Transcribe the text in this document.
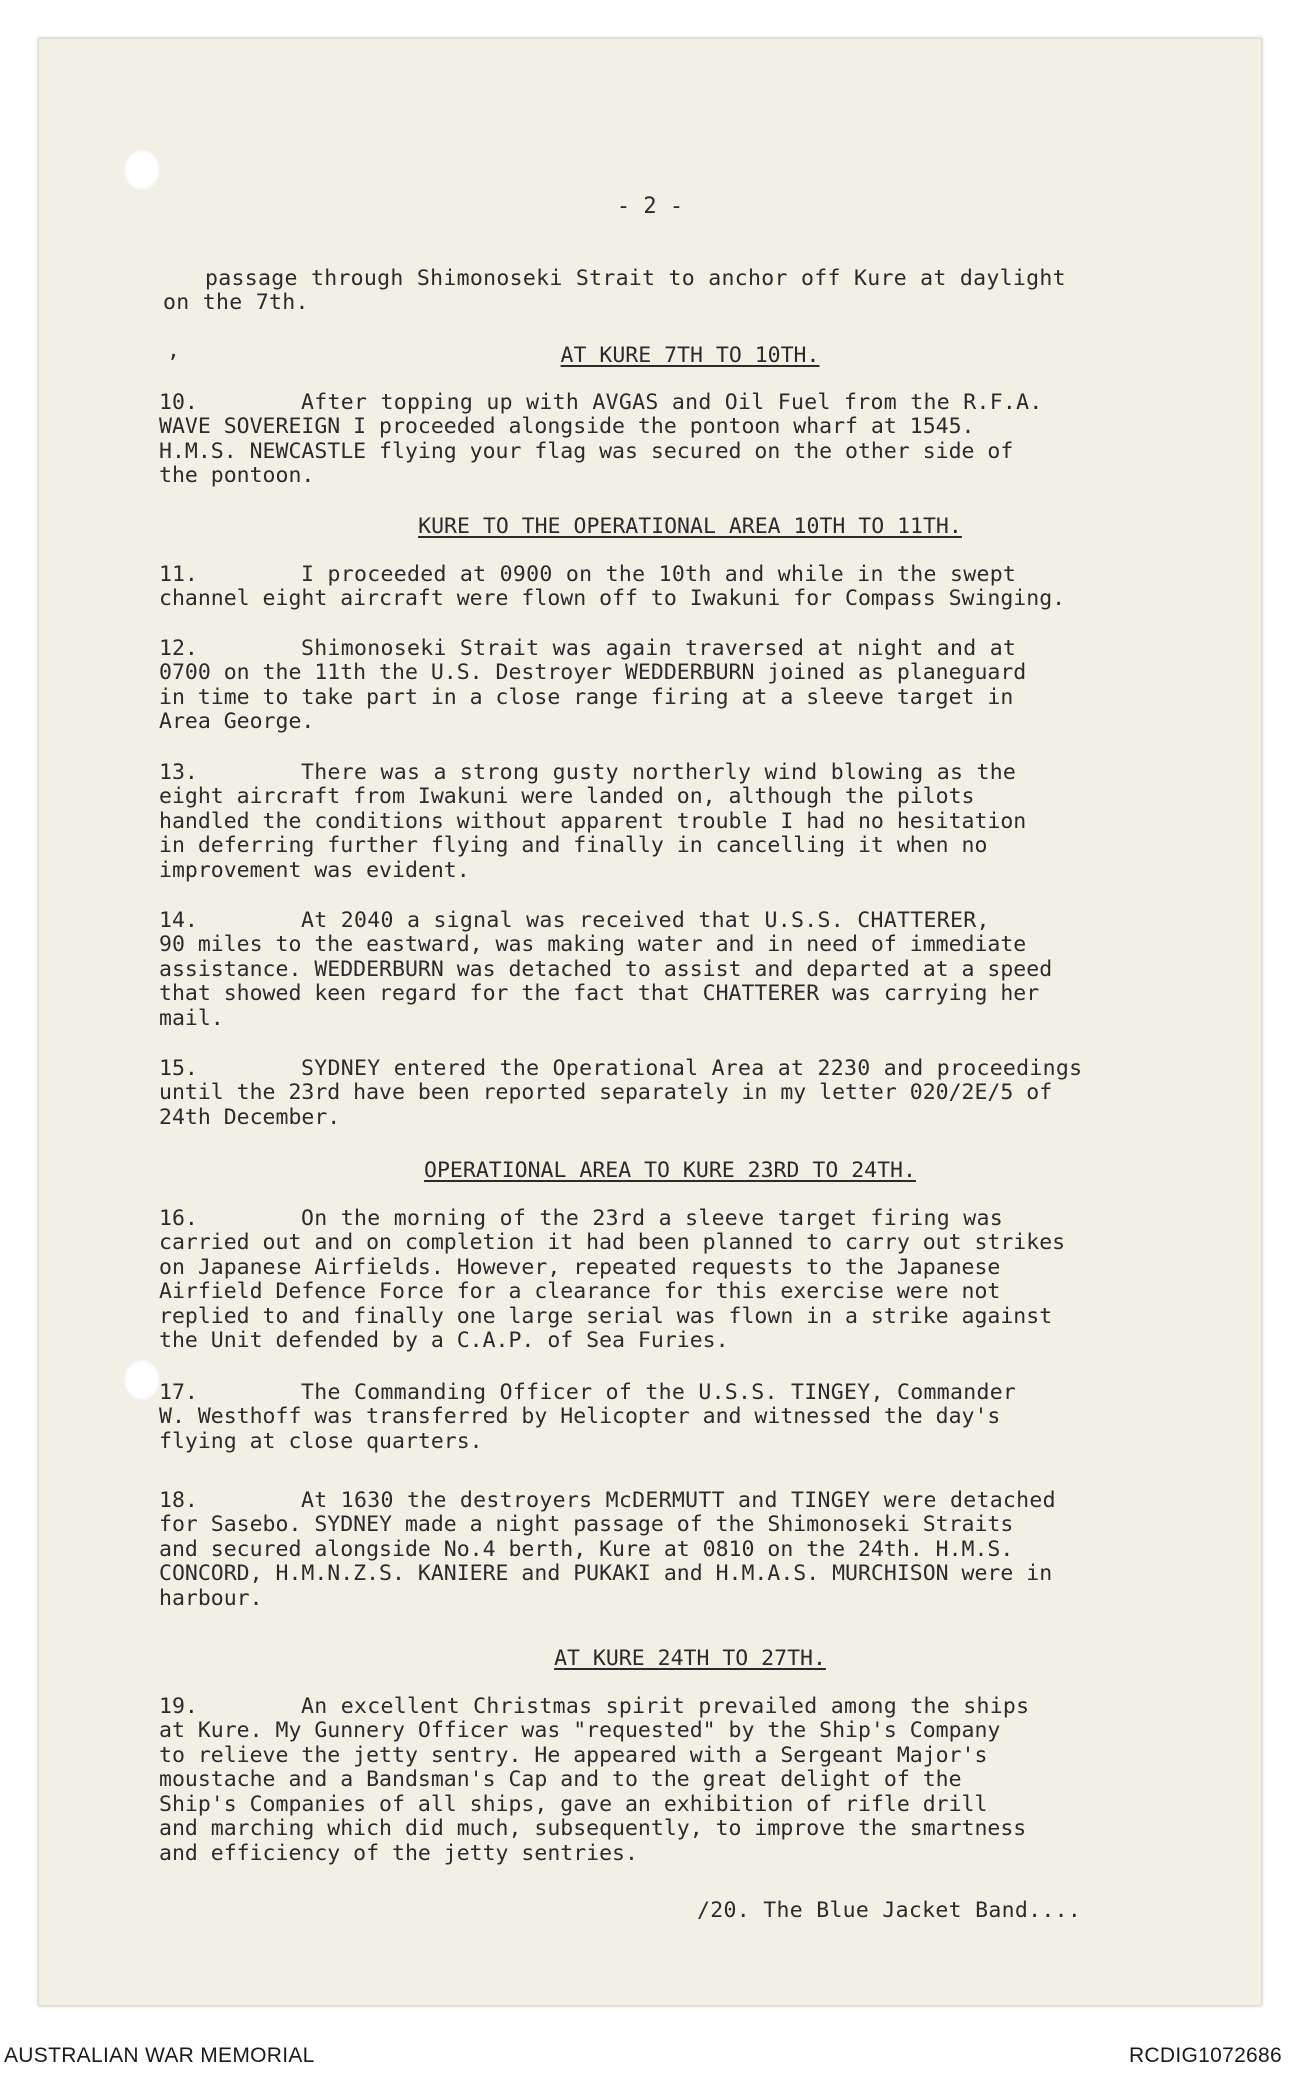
- 2 -
passage through Shimonoseki Strait to anchor off Kure at daylight
on the 7th.
,	AT KURE 7TH TO 10TH.
10.	After topping up with AVGAS and Oil Fuel from the R.F.A.
WAVE SOVEREIGN I proceeded alongside the pontoon wharf at 1545.
H.M.S. NEWCASTLE flying your flag was secured on the other side of
the pontoon.
KURE TO THE OPERATIONAL AREA 10TH TO 11TH.
11.	I proceeded at 0900 on the 10th and while in the swept
channel eight aircraft were flown off to Iwakuni for Compass Swinging.
12.	Shimonoseki Strait was again traversed at night and at
0700 on the 11th the U.S. Destroyer WEDDERBURN joined as planeguard
in time to take part in a close range firing at a sleeve target in
Area George.
13.	There was a strong gusty northerly wind blowing as the
eight aircraft from Iwakuni were landed on, although the pilots
handled the conditions without apparent trouble I had no hesitation
in deferring further flying and finally in cancelling it when no
improvement was evident.
14.	At 2040 a signal was received that U.S.S. CHATTERER,
90 miles to the eastward, was making water and in need of immediate
assistance. WEDDERBURN was detached to assist and departed at a speed
that showed keen regard for the fact that CHATTERER was carrying her
mail.
15.	SYDNEY entered the Operational Area at 2230 and proceedings
until the 23rd have been reported separately in my letter 020/2E/5 of
24th December.
OPERATIONAL AREA TO KURE 23RD TO 24TH.
16.	On the morning of the 23rd a sleeve target firing was
carried out and on completion it had been planned to carry out strikes
on Japanese Airfields. However, repeated requests to the Japanese
Airfield Defence Force for a clearance for this exercise were not
replied to and finally one large serial was flown in a strike against
the Unit defended by a C.A.P. of Sea Furies.
17.	The Commanding Officer of the U.S.S. TINGEY, Commander
W. Westhoff was transferred by Helicopter and witnessed the day's
flying at close quarters.
18.	At 1630 the destroyers McDERMUTT and TINGEY were detached
for Sasebo. SYDNEY made a night passage of the Shimonoseki Straits
and secured alongside No.4 berth, Kure at 0810 on the 24th. H.M.S.
CONCORD, H.M.N.Z.S. KANIERE and PUKAKI and H.M.A.S. MURCHISON were in
harbour.
AT KURE 24TH TO 27TH.
19.	An excellent Christmas spirit prevailed among the ships
at Kure. My Gunnery Officer was "requested" by the Ship's Company
to relieve the jetty sentry. He appeared with a Sergeant Major's
moustache and a Bandsman's Cap and to the great delight of the
Ship's Companies of all ships, gave an exhibition of rifle drill
and marching which did much, subsequently, to improve the smartness
and efficiency of the jetty sentries.
/20. The Blue Jacket Band....
AUSTRALIAN WAR MEMORIAL	RCDIG1072686
